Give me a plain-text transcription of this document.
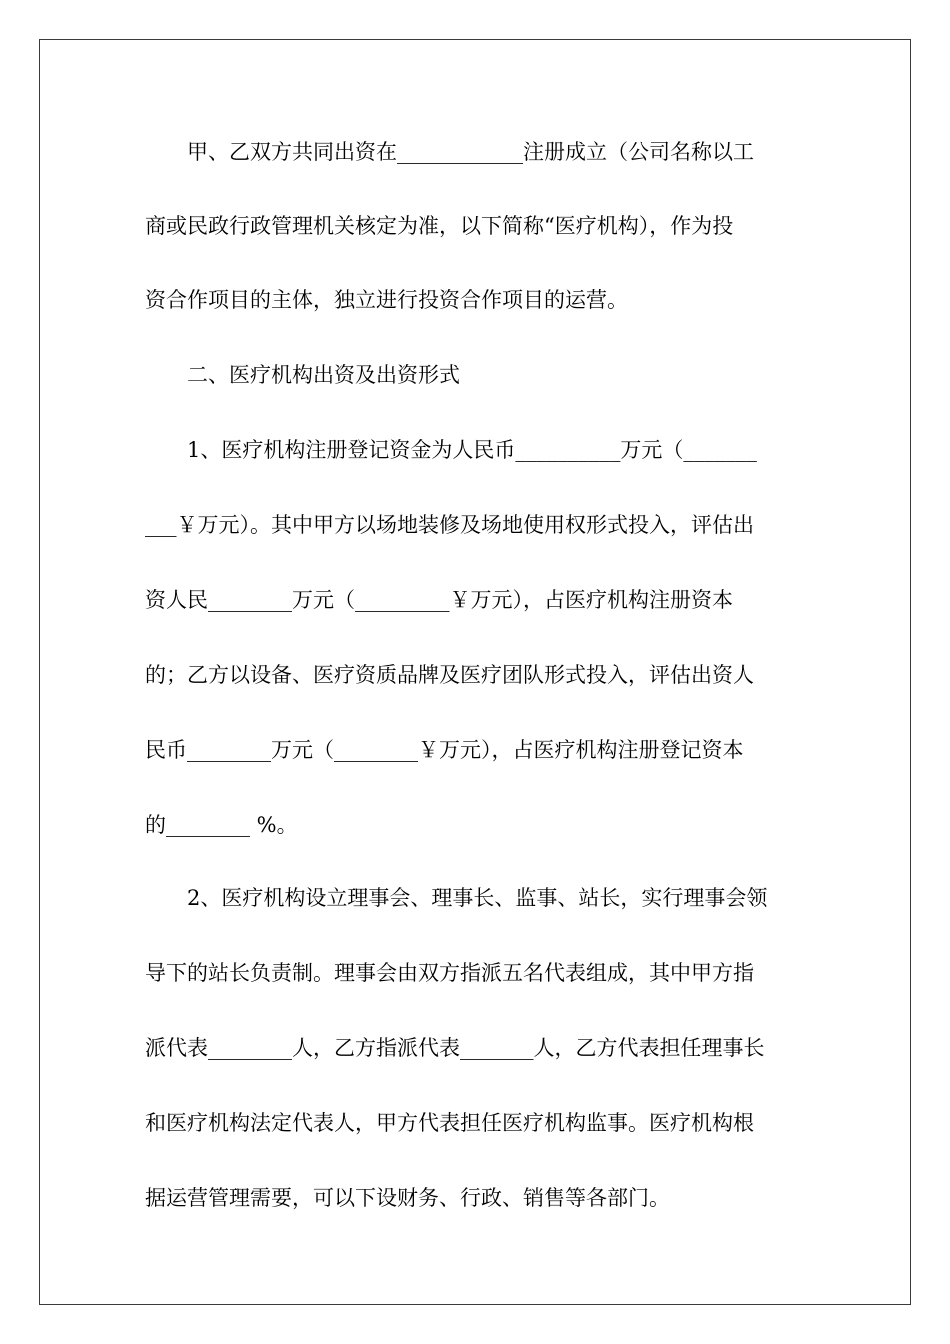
　　甲、乙双方共同出资在____________注册成立（公司名称以工
商或民政行政管理机关核定为准，以下简称“医疗机构），作为投
资合作项目的主体，独立进行投资合作项目的运营。
　　二、医疗机构出资及出资形式
　　1、医疗机构注册登记资金为人民币__________万元（_______
___￥万元）。其中甲方以场地装修及场地使用权形式投入，评估出
资人民________万元（_________￥万元），占医疗机构注册资本
的；乙方以设备、医疗资质品牌及医疗团队形式投入，评估出资人
民币________万元（________￥万元），占医疗机构注册登记资本
的________ %。
　　2、医疗机构设立理事会、理事长、监事、站长，实行理事会领
导下的站长负责制。理事会由双方指派五名代表组成，其中甲方指
派代表________人，乙方指派代表_______人，乙方代表担任理事长
和医疗机构法定代表人，甲方代表担任医疗机构监事。医疗机构根
据运营管理需要，可以下设财务、行政、销售等各部门。
